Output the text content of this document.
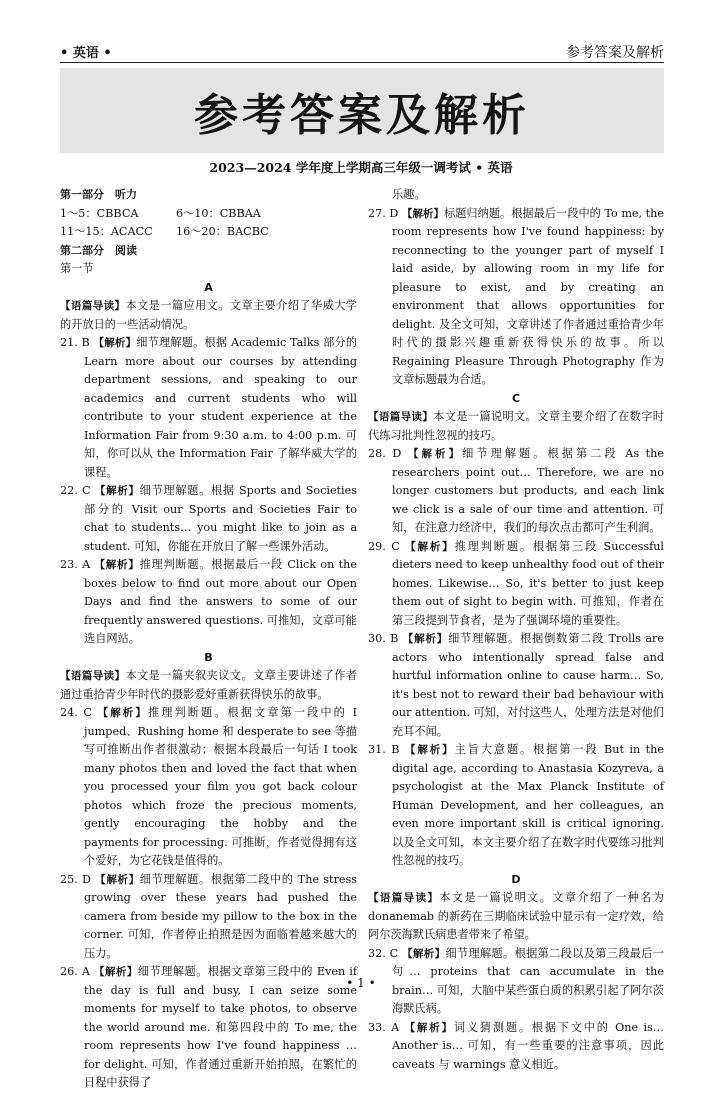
• 英语 •	参考答案及解析
参考答案及解析
2023—2024 学年度上学期高三年级一调考试 • 英语
第一部分　听力
1～5：CBBCA	6～10：CBBAA
11～15：ACACC	16～20：BACBC
第二部分　阅读
第一节
A
【语篇导读】本文是一篇应用文。文章主要介绍了华威大学的开放日的一些活动情况。
21. B 【解析】细节理解题。根据 Academic Talks 部分的 Learn more about our courses by attending department sessions, and speaking to our academics and current students who will contribute to your student experience at the Information Fair from 9:30 a.m. to 4:00 p.m. 可知，你可以从 the Information Fair 了解华威大学的课程。
22. C 【解析】细节理解题。根据 Sports and Societies 部分的 Visit our Sports and Societies Fair to chat to students… you might like to join as a student. 可知，你能在开放日了解一些课外活动。
23. A 【解析】推理判断题。根据最后一段 Click on the boxes below to find out more about our Open Days and find the answers to some of our frequently answered questions. 可推知，文章可能选自网站。
B
【语篇导读】本文是一篇夹叙夹议文。文章主要讲述了作者通过重拾青少年时代的摄影爱好重新获得快乐的故事。
24. C 【解析】推理判断题。根据文章第一段中的 I jumped、Rushing home 和 desperate to see 等描写可推断出作者很激动；根据本段最后一句话 I took many photos then and loved the fact that when you processed your film you got back colour photos which froze the precious moments, gently encouraging the hobby and the payments for processing. 可推断，作者觉得拥有这个爱好，为它花钱是值得的。
25. D 【解析】细节理解题。根据第二段中的 The stress growing over these years had pushed the camera from beside my pillow to the box in the corner. 可知，作者停止拍照是因为面临着越来越大的压力。
26. A 【解析】细节理解题。根据文章第三段中的 Even if the day is full and busy, I can seize some moments for myself to take photos, to observe the world around me. 和第四段中的 To me, the room represents how I've found happiness … for delight. 可知，作者通过重新开始拍照，在繁忙的日程中获得了
乐趣。
27. D 【解析】标题归纳题。根据最后一段中的 To me, the room represents how I've found happiness: by reconnecting to the younger part of myself I laid aside, by allowing room in my life for pleasure to exist, and by creating an environment that allows opportunities for delight. 及全文可知，文章讲述了作者通过重拾青少年时代的摄影兴趣重新获得快乐的故事。所以 Regaining Pleasure Through Photography 作为文章标题最为合适。
C
【语篇导读】本文是一篇说明文。文章主要介绍了在数字时代练习批判性忽视的技巧。
28. D 【解析】细节理解题。根据第二段 As the researchers point out… Therefore, we are no longer customers but products, and each link we click is a sale of our time and attention. 可知，在注意力经济中，我们的每次点击都可产生利润。
29. C 【解析】推理判断题。根据第三段 Successful dieters need to keep unhealthy food out of their homes. Likewise… So, it's better to just keep them out of sight to begin with. 可推知，作者在第三段提到节食者，是为了强调环境的重要性。
30. B 【解析】细节理解题。根据倒数第二段 Trolls are actors who intentionally spread false and hurtful information online to cause harm… So, it's best not to reward their bad behaviour with our attention. 可知，对付这些人，处理方法是对他们充耳不闻。
31. B 【解析】主旨大意题。根据第一段 But in the digital age, according to Anastasia Kozyreva, a psychologist at the Max Planck Institute of Human Development, and her colleagues, an even more important skill is critical ignoring. 以及全文可知，本文主要介绍了在数字时代要练习批判性忽视的技巧。
D
【语篇导读】本文是一篇说明文。文章介绍了一种名为 donanemab 的新药在三期临床试验中显示有一定疗效，给阿尔茨海默氏病患者带来了希望。
32. C 【解析】细节理解题。根据第二段以及第三段最后一句… proteins that can accumulate in the brain… 可知，大脑中某些蛋白质的积累引起了阿尔茨海默氏病。
33. A 【解析】词义猜测题。根据下文中的 One is… Another is… 可知，有一些重要的注意事项，因此 caveats 与 warnings 意义相近。
• 1 •
